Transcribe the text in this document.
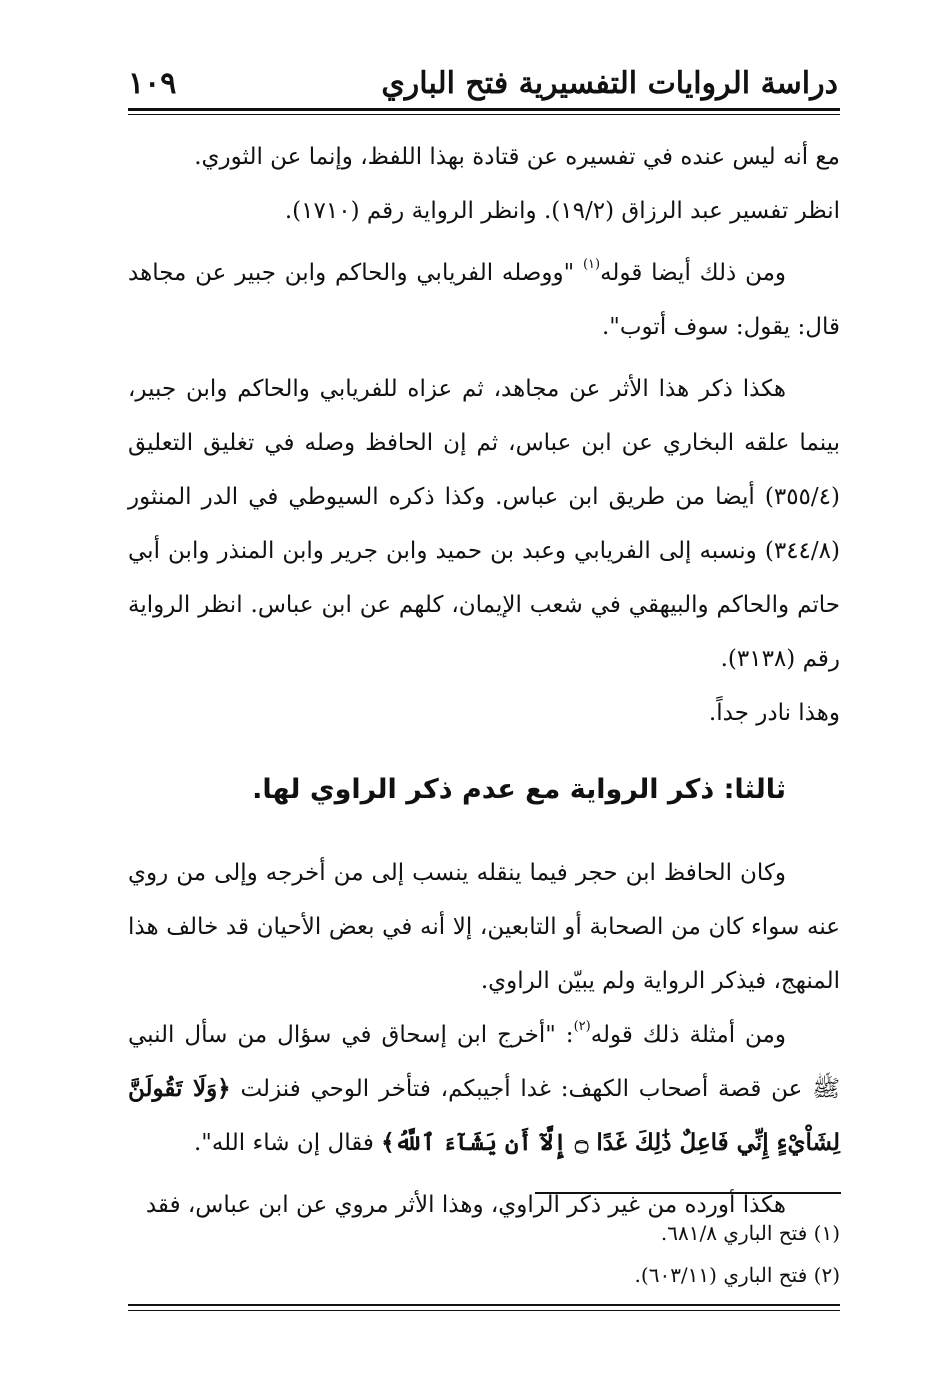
دراسة الروايات التفسيرية فتح الباري
١٠٩

مع أنه ليس عنده في تفسيره عن قتادة بهذا اللفظ، وإنما عن الثوري.

انظر تفسير عبد الرزاق (١٩/٢). وانظر الرواية رقم (١٧١٠).

ومن ذلك أيضا قوله$^{(١)}$ "ووصله الفريابي والحاكم وابن جبير عن مجاهد قال: يقول: سوف أتوب".

هكذا ذكر هذا الأثر عن مجاهد، ثم عزاه للفريابي والحاكم وابن جبير، بينما علقه البخاري عن ابن عباس، ثم إن الحافظ وصله في تغليق التعليق (٣٥٥/٤) أيضا من طريق ابن عباس. وكذا ذكره السيوطي في الدر المنثور (٣٤٤/٨) ونسبه إلى الفريابي وعبد بن حميد وابن جرير وابن المنذر وابن أبي حاتم والحاكم والبيهقي في شعب الإيمان، كلهم عن ابن عباس. انظر الرواية رقم (٣١٣٨).

وهذا نادر جداً.

ثالثا: ذكر الرواية مع عدم ذكر الراوي لها.

وكان الحافظ ابن حجر فيما ينقله ينسب إلى من أخرجه وإلى من روي عنه سواء كان من الصحابة أو التابعين، إلا أنه في بعض الأحيان قد خالف هذا المنهج، فيذكر الرواية ولم يبيّن الراوي.

ومن أمثلة ذلك قوله$^{(٢)}$: "أخرج ابن إسحاق في سؤال من سأل النبي ﷺ عن قصة أصحاب الكهف: غدا أجيبكم، فتأخر الوحي فنزلت ﴿وَلَا تَقُولَنَّ لِشَاْيْءٍ إِنِّي فَاعِلٌ ذَٰلِكَ غَدًا ۝ إِلَّآ أَن يَشَآءَ ٱللَّهُ﴾ فقال إن شاء الله".

هكذا أورده من غير ذكر الراوي، وهذا الأثر مروي عن ابن عباس، فقد

(١) فتح الباري ٦٨١/٨.
(٢) فتح الباري (٦٠٣/١١).
